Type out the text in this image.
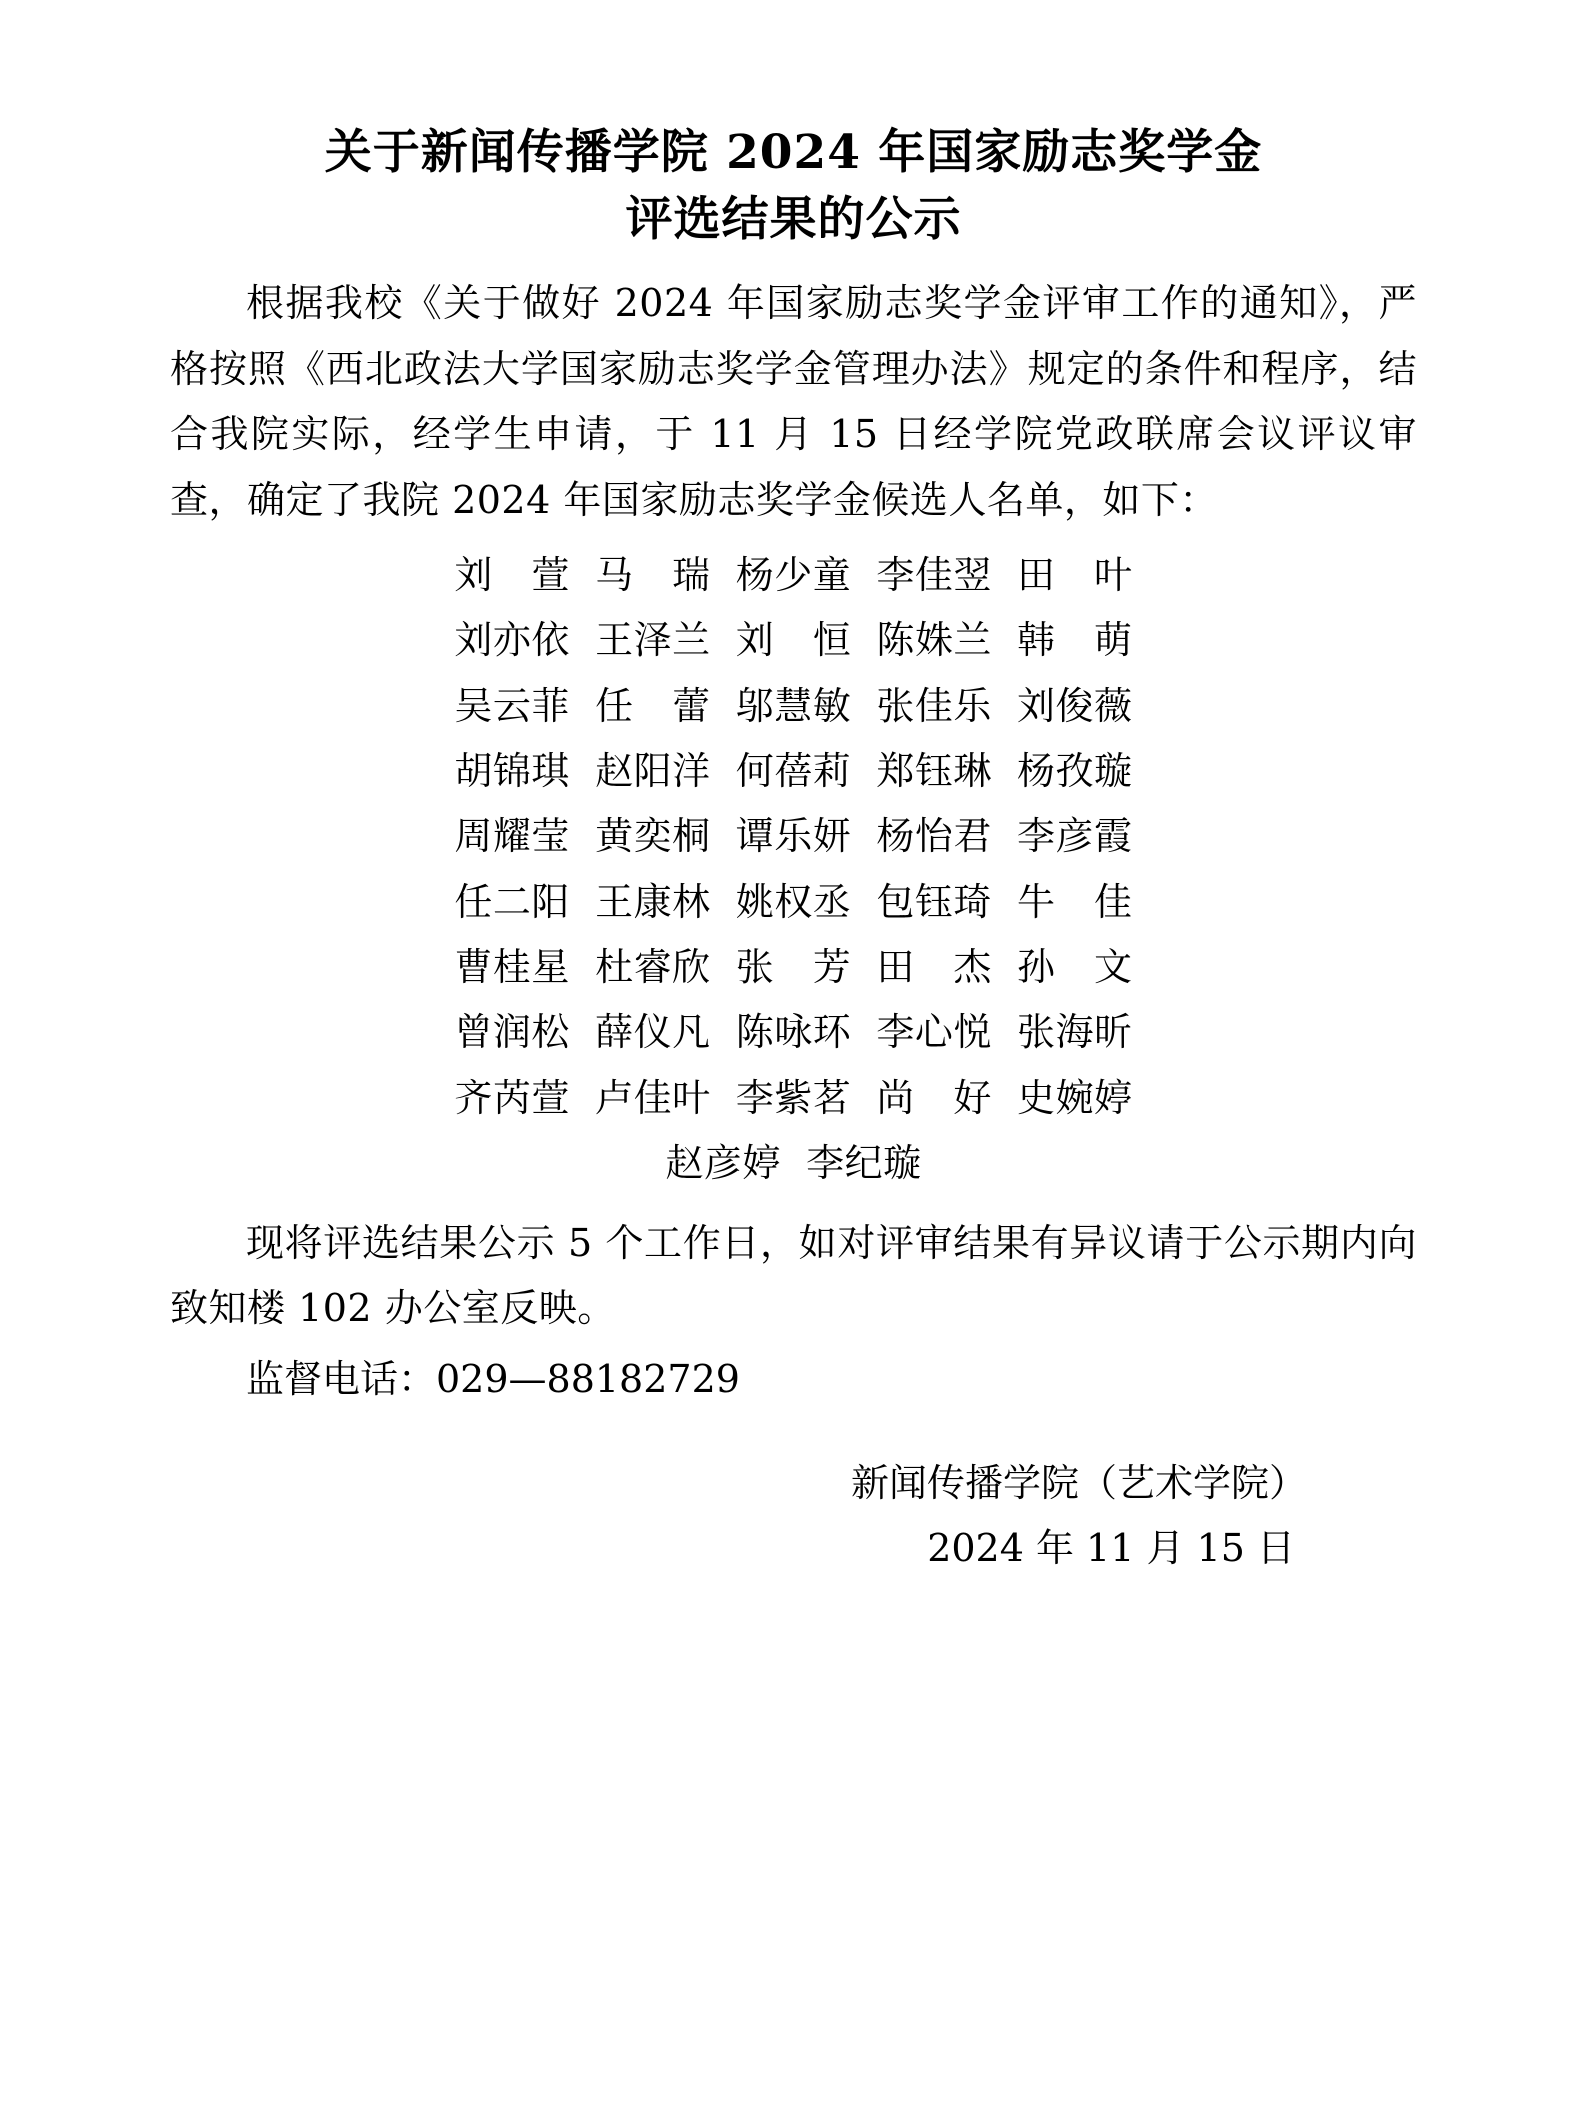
关于新闻传播学院 2024 年国家励志奖学金
评选结果的公示

根据我校《关于做好 2024 年国家励志奖学金评审工作的通知》，严格按照《西北政法大学国家励志奖学金管理办法》规定的条件和程序，结合我院实际，经学生申请，于 11 月 15 日经学院党政联席会议评议审查，确定了我院 2024 年国家励志奖学金候选人名单，如下：

刘　萱  马　瑞  杨少童  李佳翌  田　叶
刘亦依  王泽兰  刘　恒  陈姝兰  韩　萌
吴云菲  任　蕾  邬慧敏  张佳乐  刘俊薇
胡锦琪  赵阳洋  何蓓莉  郑钰琳  杨孜璇
周耀莹  黄奕桐  谭乐妍  杨怡君  李彦霞
任二阳  王康林  姚权丞  包钰琦  牛　佳
曹桂星  杜睿欣  张　芳  田　杰  孙　文
曾润松  薛仪凡  陈咏环  李心悦  张海昕
齐芮萱  卢佳叶  李紫茗  尚　好  史婉婷
赵彦婷  李纪璇

现将评选结果公示 5 个工作日，如对评审结果有异议请于公示期内向致知楼 102 办公室反映。

监督电话：029—88182729

新闻传播学院（艺术学院）
2024 年 11 月 15 日
